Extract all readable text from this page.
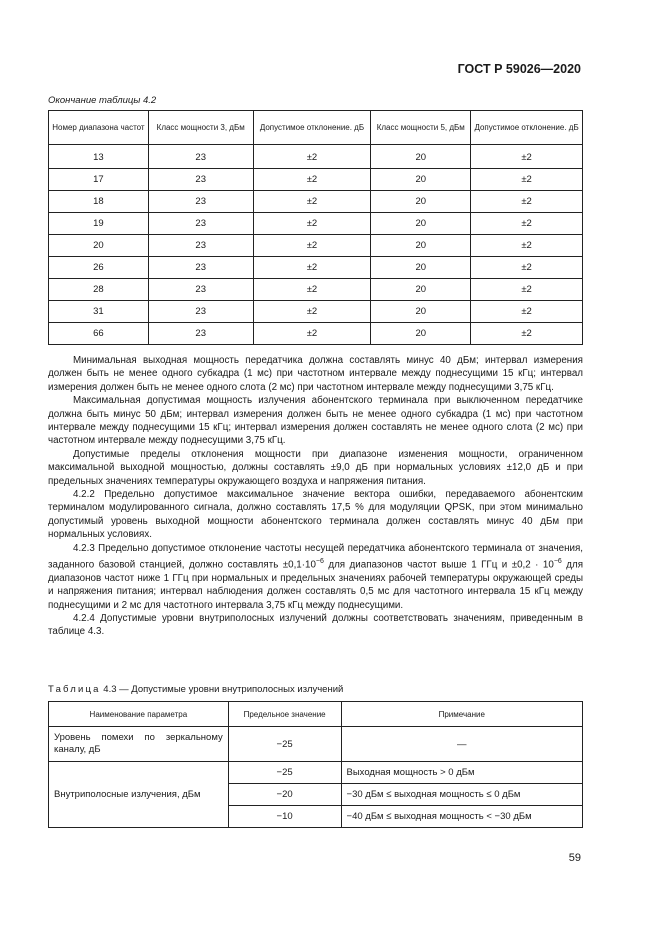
ГОСТ Р 59026—2020
Окончание таблицы 4.2
Номер диапазона частот	Класс мощности 3, дБм	Допустимое отклонение. дБ	Класс мощности 5, дБм	Допустимое отклонение. дБ
13	23	±2	20	±2
17	23	±2	20	±2
18	23	±2	20	±2
19	23	±2	20	±2
20	23	±2	20	±2
26	23	±2	20	±2
28	23	±2	20	±2
31	23	±2	20	±2
66	23	±2	20	±2

Минимальная выходная мощность передатчика должна составлять минус 40 дБм; интервал измерения должен быть не менее одного субкадра (1 мс) при частотном интервале между поднесущими 15 кГц; интервал измерения должен быть не менее одного слота (2 мс) при частотном интервале между поднесущими 3,75 кГц.

Максимальная допустимая мощность излучения абонентского терминала при выключенном передатчике должна быть минус 50 дБм; интервал измерения должен быть не менее одного субкадра (1 мс) при частотном интервале между поднесущими 15 кГц; интервал измерения должен составлять не менее одного слота (2 мс) при частотном интервале между поднесущими 3,75 кГц.

Допустимые пределы отклонения мощности при диапазоне изменения мощности, ограниченном максимальной выходной мощностью, должны составлять ±9,0 дБ при нормальных условиях ±12,0 дБ и при предельных значениях температуры окружающего воздуха и напряжения питания.

4.2.2 Предельно допустимое максимальное значение вектора ошибки, передаваемого абонентским терминалом модулированного сигнала, должно составлять 17,5 % для модуляции QPSK, при этом минимально допустимый уровень выходной мощности абонентского терминала должен составлять минус 40 дБм при нормальных условиях.

4.2.3 Предельно допустимое отклонение частоты несущей передатчика абонентского терминала от значения, заданного базовой станцией, должно составлять $\pm 0,1\cdot 10^{-6}$ для диапазонов частот выше 1 ГГц $и \pm 0,2 \cdot 10^{-6}$ для диапазонов частот ниже 1 ГГц при нормальных и предельных значениях рабочей температуры окружающей среды и напряжения питания; интервал наблюдения должен составлять 0,5 мс для частотного интервала 15 кГц между поднесущими и 2 мс для частотного интервала 3,75 кГц между поднесущими.

4.2.4 Допустимые уровни внутриполосных излучений должны соответствовать значениям, приведенным в таблице 4.3.

Таблица 4.3 — Допустимые уровни внутриполосных излучений
Наименование параметра	Предельное значение	Примечание
Уровень помехи по зеркальному каналу, дБ	−25	—
Внутриполосные излучения, дБм	−25	Выходная мощность > 0 дБм
	−20	−30 дБм ≤ выходная мощность ≤ 0 дБм
	−10	−40 дБм ≤ выходная мощность < −30 дБм
59
